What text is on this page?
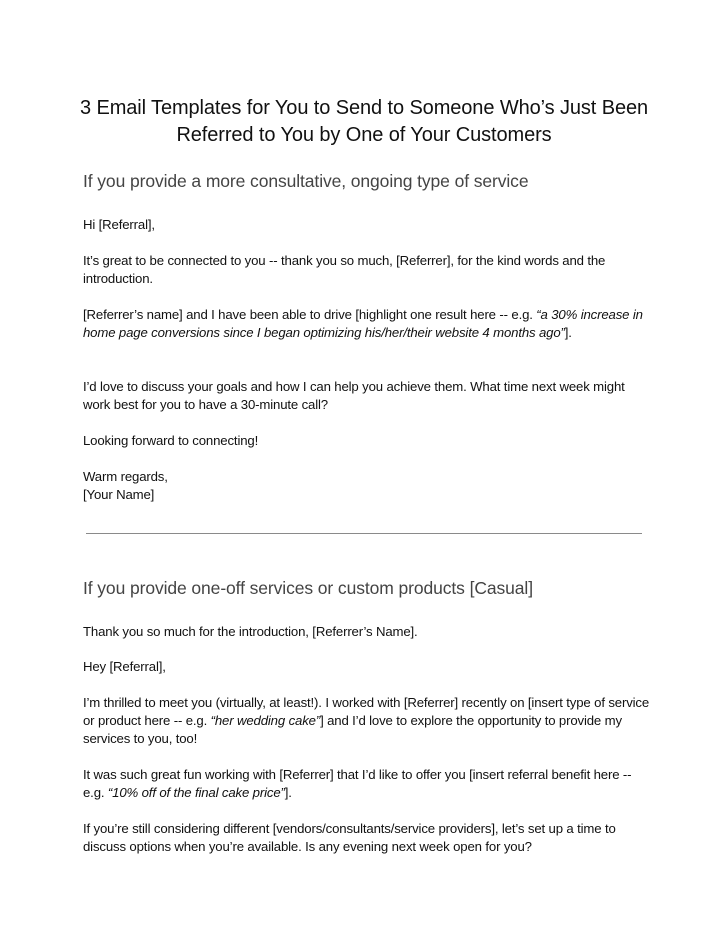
3 Email Templates for You to Send to Someone Who’s Just Been
Referred to You by One of Your Customers
If you provide a more consultative, ongoing type of service
Hi [Referral],
It’s great to be connected to you -- thank you so much, [Referrer], for the kind words and the introduction.
[Referrer’s name] and I have been able to drive [highlight one result here -- e.g. “a 30% increase in home page conversions since I began optimizing his/her/their website 4 months ago”].
I’d love to discuss your goals and how I can help you achieve them. What time next week might work best for you to have a 30-minute call?
Looking forward to connecting!
Warm regards,
[Your Name]
If you provide one-off services or custom products [Casual]
Thank you so much for the introduction, [Referrer’s Name].
Hey [Referral],
I’m thrilled to meet you (virtually, at least!). I worked with [Referrer] recently on [insert type of service or product here -- e.g. “her wedding cake”] and I’d love to explore the opportunity to provide my services to you, too!
It was such great fun working with [Referrer] that I’d like to offer you [insert referral benefit here -- e.g. “10% off of the final cake price”].
If you’re still considering different [vendors/consultants/service providers], let’s set up a time to discuss options when you’re available. Is any evening next week open for you?
